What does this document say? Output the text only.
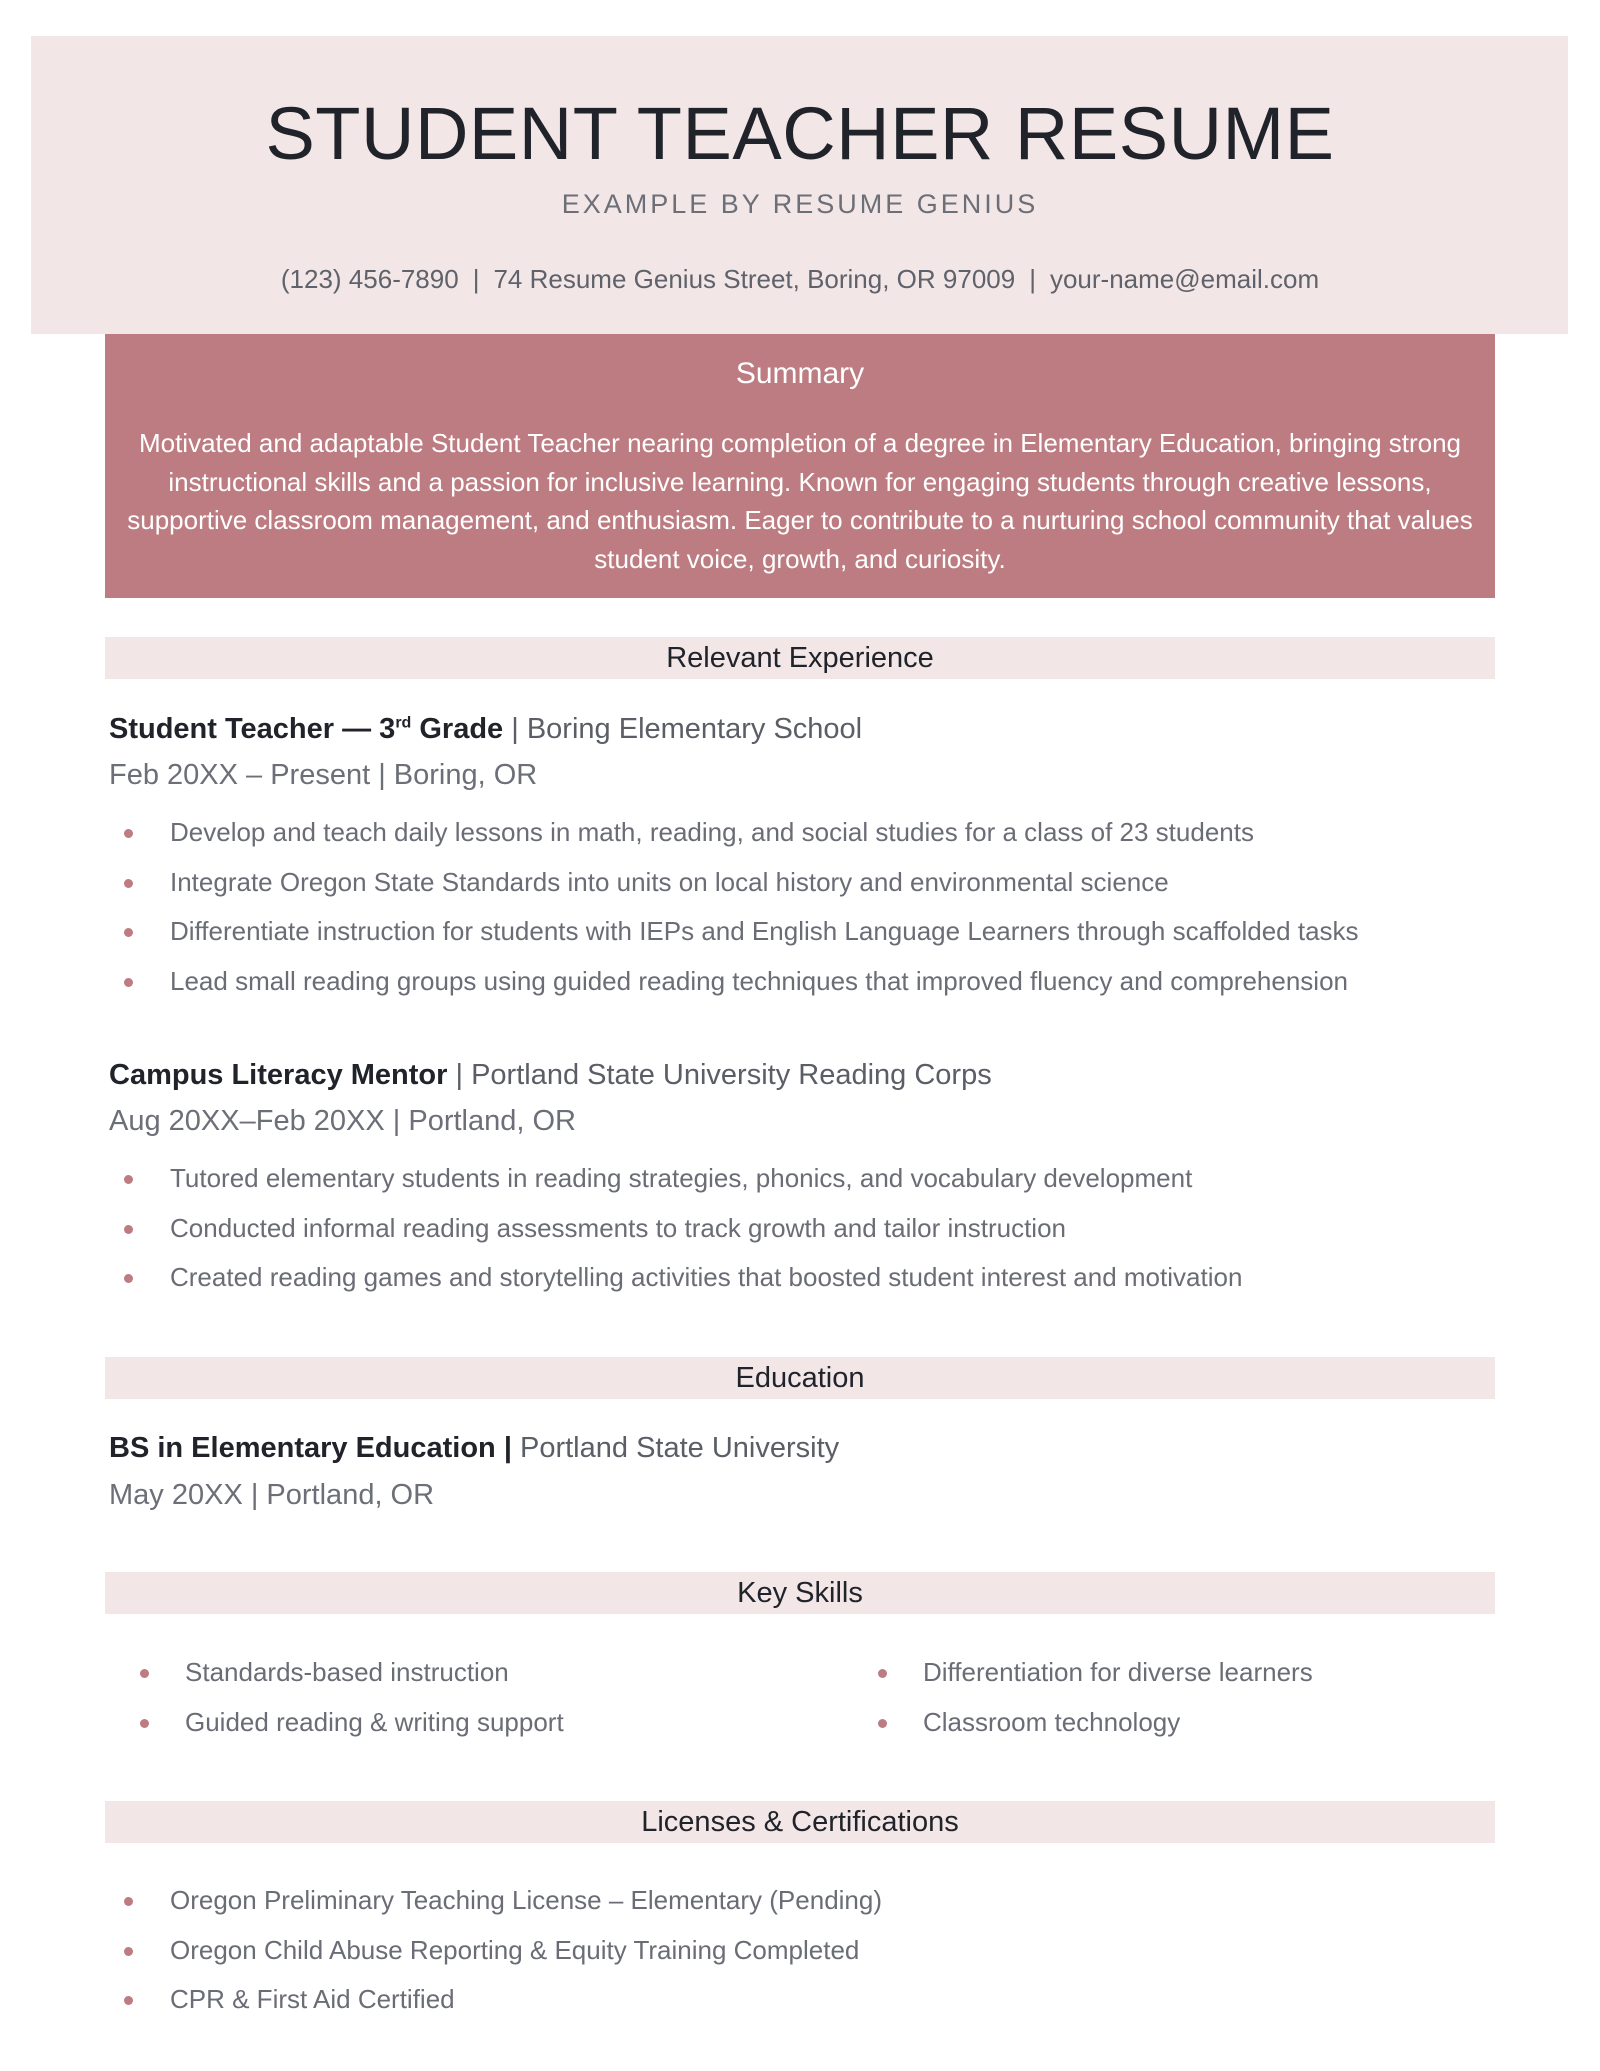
STUDENT TEACHER RESUME
EXAMPLE BY RESUME GENIUS
(123) 456-7890 | 74 Resume Genius Street, Boring, OR 97009 | your-name@email.com
Summary

Motivated and adaptable Student Teacher nearing completion of a degree in Elementary Education, bringing strong instructional skills and a passion for inclusive learning. Known for engaging students through creative lessons, supportive classroom management, and enthusiasm. Eager to contribute to a nurturing school community that values student voice, growth, and curiosity.

Relevant Experience
Student Teacher — 3rd Grade | Boring Elementary School
Feb 20XX – Present | Boring, OR
Develop and teach daily lessons in math, reading, and social studies for a class of 23 students
Integrate Oregon State Standards into units on local history and environmental science
Differentiate instruction for students with IEPs and English Language Learners through scaffolded tasks
Lead small reading groups using guided reading techniques that improved fluency and comprehension
Campus Literacy Mentor | Portland State University Reading Corps
Aug 20XX–Feb 20XX | Portland, OR
Tutored elementary students in reading strategies, phonics, and vocabulary development
Conducted informal reading assessments to track growth and tailor instruction
Created reading games and storytelling activities that boosted student interest and motivation
Education
BS in Elementary Education | Portland State University
May 20XX | Portland, OR
Key Skills
Standards-based instruction
Guided reading & writing support
Differentiation for diverse learners
Classroom technology
Licenses & Certifications
Oregon Preliminary Teaching License – Elementary (Pending)
Oregon Child Abuse Reporting & Equity Training Completed
CPR & First Aid Certified
